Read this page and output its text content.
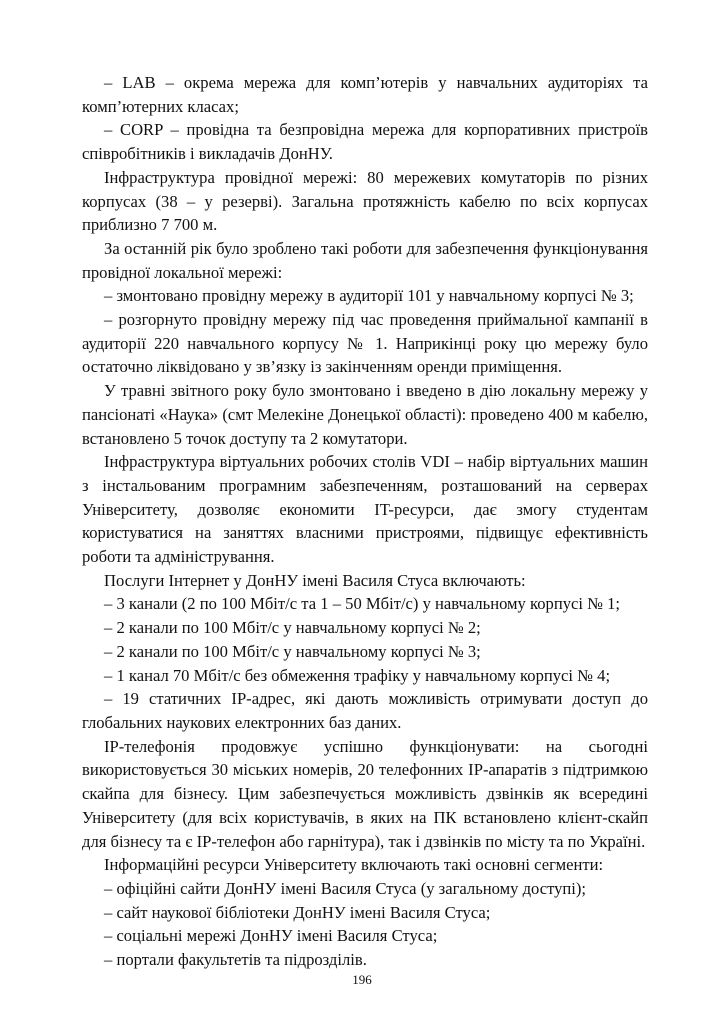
– LAB – окрема мережа для комп’ютерів у навчальних аудиторіях та комп’ютерних класах;

– CORP – провідна та безпровідна мережа для корпоративних пристроїв співробітників і викладачів ДонНУ.

Інфраструктура провідної мережі: 80 мережевих комутаторів по різних корпусах (38 – у резерві). Загальна протяжність кабелю по всіх корпусах приблизно 7 700 м.

За останній рік було зроблено такі роботи для забезпечення функціонування провідної локальної мережі:

– змонтовано провідну мережу в аудиторії 101 у навчальному корпусі № 3;

– розгорнуто провідну мережу під час проведення приймальної кампанії в аудиторії 220 навчального корпусу № 1. Наприкінці року цю мережу було остаточно ліквідовано у зв’язку із закінченням оренди приміщення.

У травні звітного року було змонтовано і введено в дію локальну мережу у пансіонаті «Наука» (смт Мелекіне Донецької області): проведено 400 м кабелю, встановлено 5 точок доступу та 2 комутатори.

Інфраструктура віртуальних робочих столів VDI – набір віртуальних машин з інстальованим програмним забезпеченням, розташований на серверах Університету, дозволяє економити IT-ресурси, дає змогу студентам користуватися на заняттях власними пристроями, підвищує ефективність роботи та адміністрування.

Послуги Інтернет у ДонНУ імені Василя Стуса включають:

– 3 канали (2 по 100 Мбіт/с та 1 – 50 Мбіт/с) у навчальному корпусі № 1;

– 2 канали по 100 Мбіт/с у навчальному корпусі № 2;

– 2 канали по 100 Мбіт/с у навчальному корпусі № 3;

– 1 канал 70 Мбіт/с без обмеження трафіку у навчальному корпусі № 4;

– 19 статичних IP-адрес, які дають можливість отримувати доступ до глобальних наукових електронних баз даних.

IP-телефонія продовжує успішно функціонувати: на сьогодні використовується 30 міських номерів, 20 телефонних IP-апаратів з підтримкою скайпа для бізнесу. Цим забезпечується можливість дзвінків як всередині Університету (для всіх користувачів, в яких на ПК встановлено клієнт-скайп для бізнесу та є IP-телефон або гарнітура), так і дзвінків по місту та по Україні.

Інформаційні ресурси Університету включають такі основні сегменти:

– офіційні сайти ДонНУ імені Василя Стуса (у загальному доступі);

– сайт наукової бібліотеки ДонНУ імені Василя Стуса;

– соціальні мережі ДонНУ імені Василя Стуса;

– портали факультетів та підрозділів.

196
